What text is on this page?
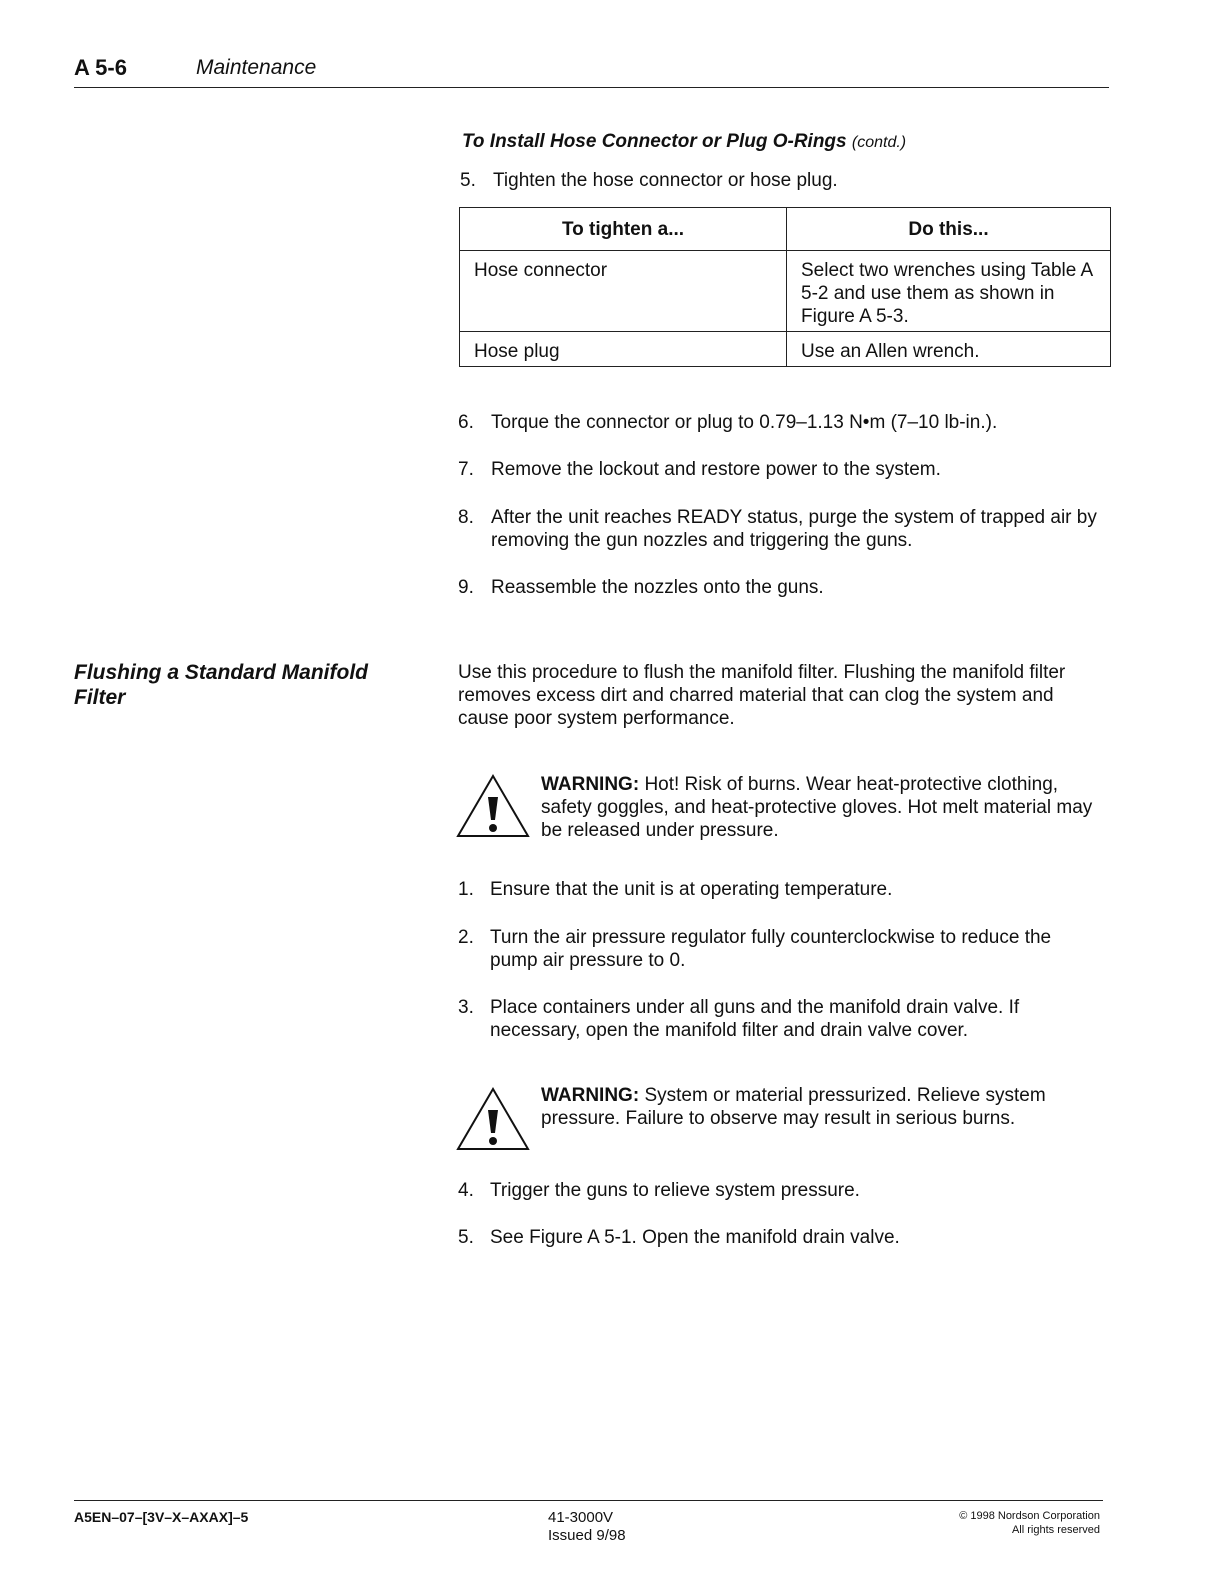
A 5-6	Maintenance
To Install Hose Connector or Plug O-Rings (contd.)
5. Tighten the hose connector or hose plug.
To tighten a...	Do this...
Hose connector	Select two wrenches using Table A 5-2 and use them as shown in Figure A 5-3.
Hose plug	Use an Allen wrench.
6. Torque the connector or plug to 0.79–1.13 N•m (7–10 lb-in.).
7. Remove the lockout and restore power to the system.
8. After the unit reaches READY status, purge the system of trapped air by removing the gun nozzles and triggering the guns.
9. Reassemble the nozzles onto the guns.
Flushing a Standard Manifold Filter
Use this procedure to flush the manifold filter. Flushing the manifold filter removes excess dirt and charred material that can clog the system and cause poor system performance.
WARNING: Hot! Risk of burns. Wear heat-protective clothing, safety goggles, and heat-protective gloves. Hot melt material may be released under pressure.
1. Ensure that the unit is at operating temperature.
2. Turn the air pressure regulator fully counterclockwise to reduce the pump air pressure to 0.
3. Place containers under all guns and the manifold drain valve. If necessary, open the manifold filter and drain valve cover.
WARNING: System or material pressurized. Relieve system pressure. Failure to observe may result in serious burns.
4. Trigger the guns to relieve system pressure.
5. See Figure A 5-1. Open the manifold drain valve.
A5EN–07–[3V–X–AXAX]–5	41-3000V
Issued 9/98
© 1998 Nordson Corporation
All rights reserved
